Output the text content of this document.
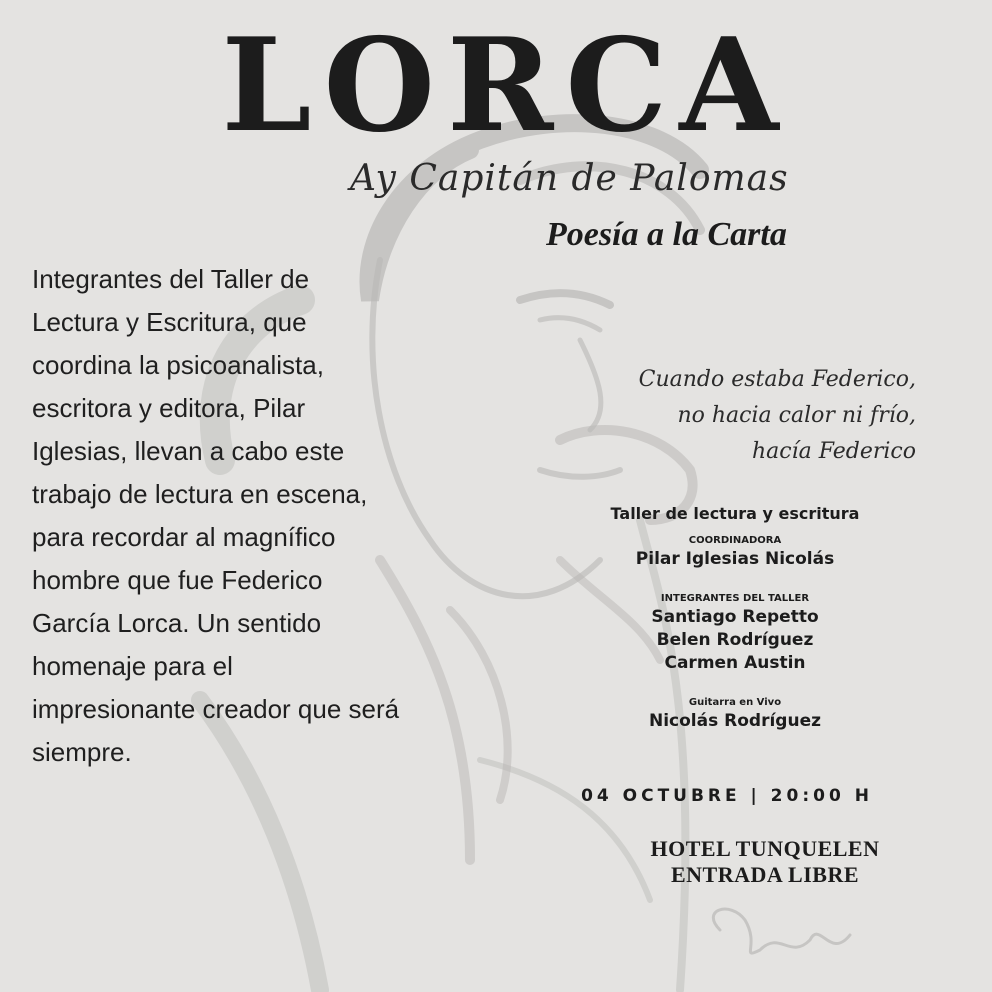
LORCA
Ay Capitán de Palomas
Poesía a la Carta
Integrantes del Taller de Lectura y Escritura, que coordina la psicoanalista, escritora y editora, Pilar Iglesias, llevan a cabo este trabajo de lectura en escena, para recordar al magnífico hombre que fue Federico García Lorca. Un sentido homenaje para el impresionante creador que será siempre.
Cuando estaba Federico,
no hacia calor ni frío,
hacía Federico
Taller de lectura y escritura
COORDINADORA
Pilar Iglesias Nicolás
INTEGRANTES DEL TALLER
Santiago Repetto
Belen Rodríguez
Carmen Austin
Guitarra en Vivo
Nicolás Rodríguez
04 OCTUBRE | 20:00 H
HOTEL TUNQUELEN
ENTRADA LIBRE
